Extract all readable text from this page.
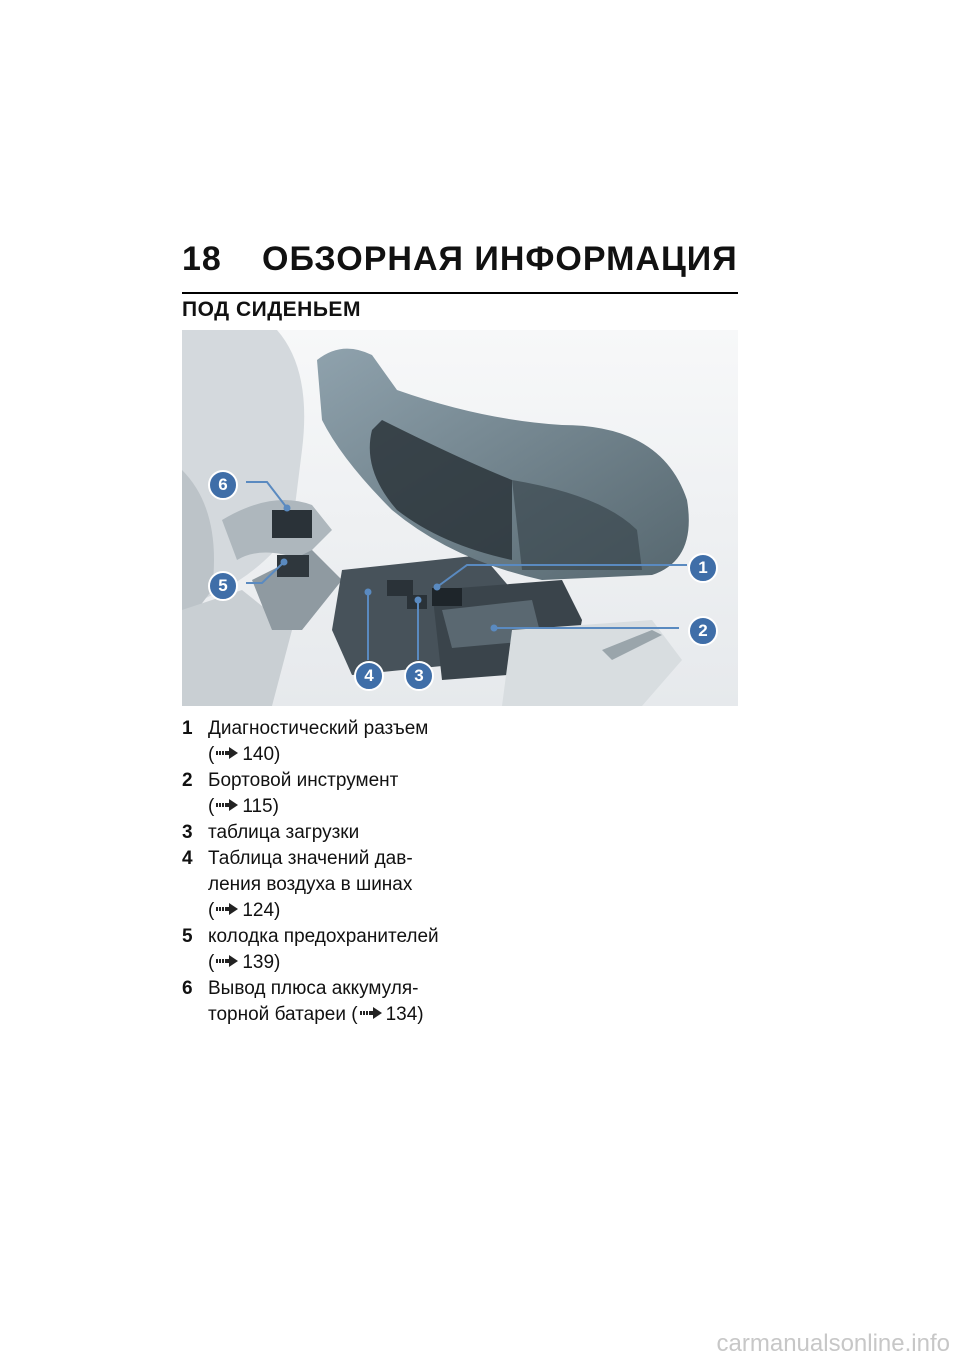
18 ОБЗОРНАЯ ИНФОРМАЦИЯ
ПОД СИДЕНЬЕМ
6
5
4	3
2
1
1 Диагностический разъем
( 140)
2 Бортовой инструмент
( 115)
3 таблица загрузки
4 Таблица значений дав-
ления воздуха в шинах
( 124)
5 колодка предохранителей
( 139)
6 Вывод плюса аккумуля-
торной батареи ( 134)
carmanualsonline.info
